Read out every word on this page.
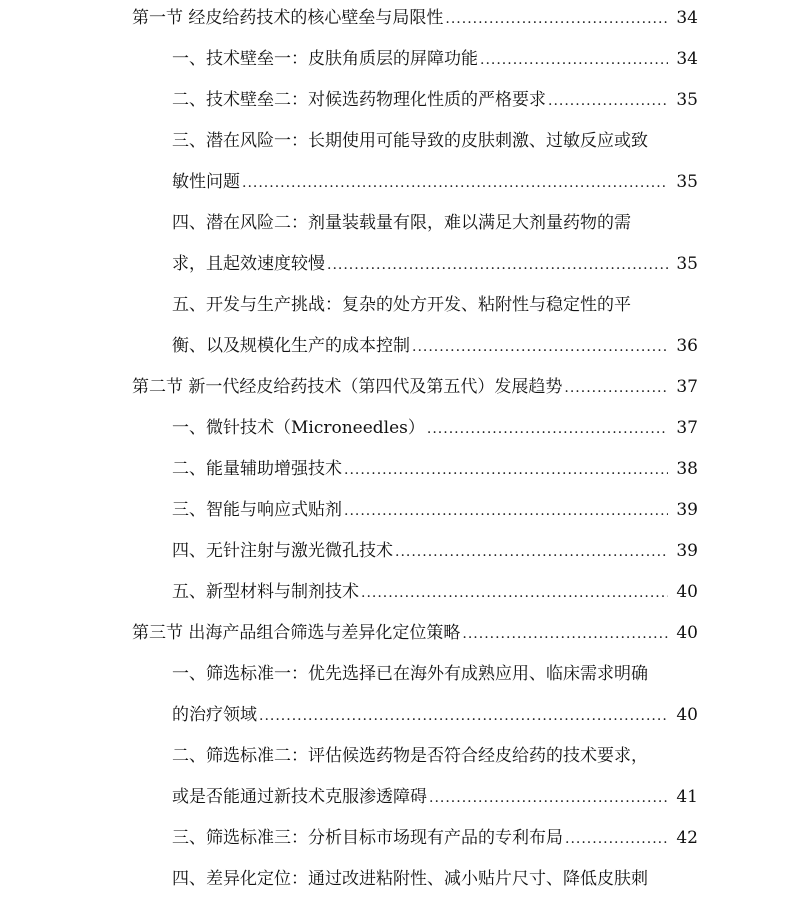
第一节 经皮给药技术的核心壁垒与局限性 .....	34
一、技术壁垒一：皮肤角质层的屏障功能 .....	34
二、技术壁垒二：对候选药物理化性质的严格要求 .....	35
三、潜在风险一：长期使用可能导致的皮肤刺激、过敏反应或致
敏性问题 .....	35
四、潜在风险二：剂量装载量有限，难以满足大剂量药物的需
求，且起效速度较慢 .....	35
五、开发与生产挑战：复杂的处方开发、粘附性与稳定性的平
衡、以及规模化生产的成本控制 .....	36
第二节 新一代经皮给药技术（第四代及第五代）发展趋势 .....	37
一、微针技术（Microneedles） .....	37
二、能量辅助增强技术 .....	38
三、智能与响应式贴剂 .....	39
四、无针注射与激光微孔技术 .....	39
五、新型材料与制剂技术 .....	40
第三节 出海产品组合筛选与差异化定位策略 .....	40
一、筛选标准一：优先选择已在海外有成熟应用、临床需求明确
的治疗领域 .....	40
二、筛选标准二：评估候选药物是否符合经皮给药的技术要求，
或是否能通过新技术克服渗透障碍 .....	41
三、筛选标准三：分析目标市场现有产品的专利布局 .....	42
四、差异化定位：通过改进粘附性、减小贴片尺寸、降低皮肤刺
